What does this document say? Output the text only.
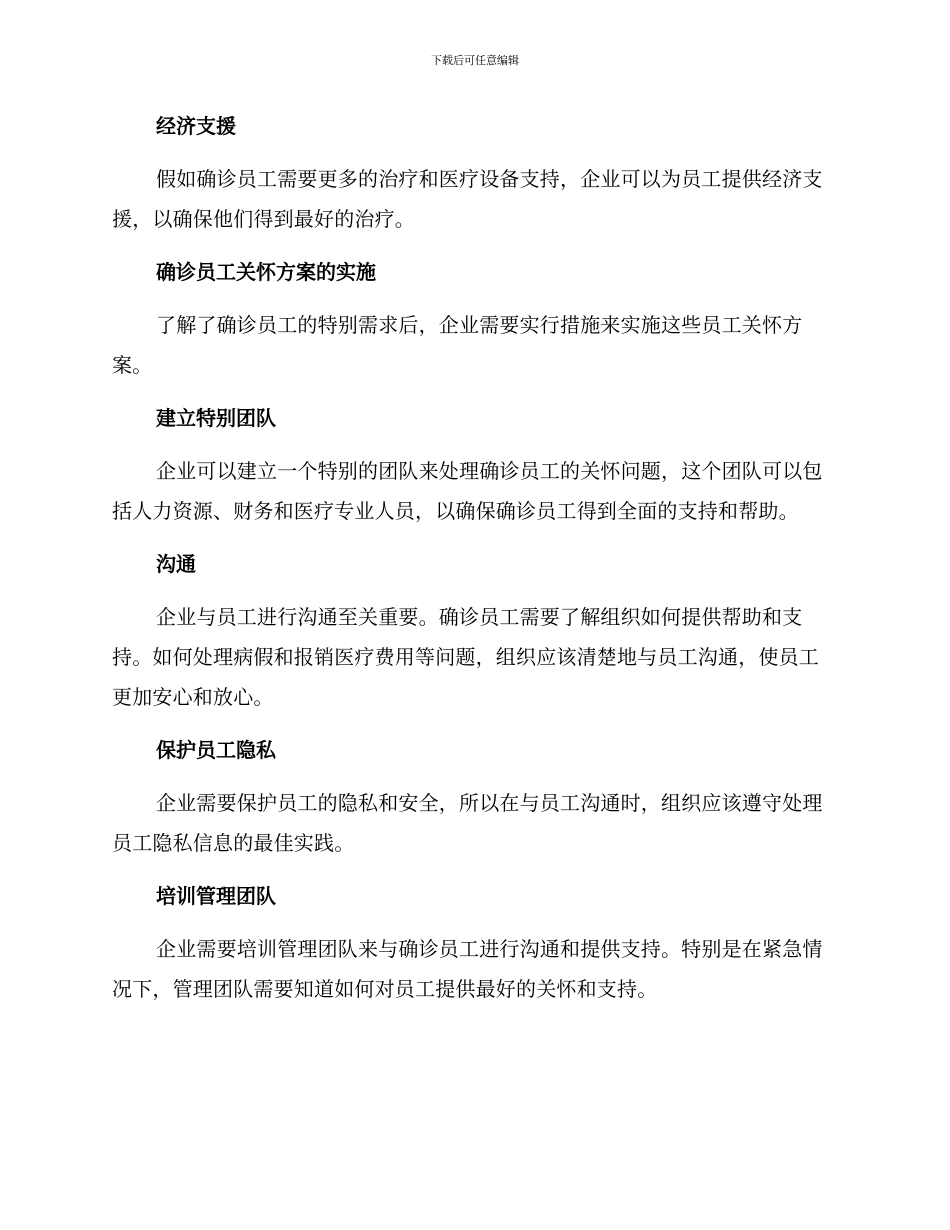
下载后可任意编辑
经济支援

假如确诊员工需要更多的治疗和医疗设备支持，企业可以为员工提供经济支援，以确保他们得到最好的治疗。

确诊员工关怀方案的实施

了解了确诊员工的特别需求后，企业需要实行措施来实施这些员工关怀方案。

建立特别团队

企业可以建立一个特别的团队来处理确诊员工的关怀问题，这个团队可以包括人力资源、财务和医疗专业人员，以确保确诊员工得到全面的支持和帮助。

沟通

企业与员工进行沟通至关重要。确诊员工需要了解组织如何提供帮助和支持。如何处理病假和报销医疗费用等问题，组织应该清楚地与员工沟通，使员工更加安心和放心。

保护员工隐私

企业需要保护员工的隐私和安全，所以在与员工沟通时，组织应该遵守处理员工隐私信息的最佳实践。

培训管理团队

企业需要培训管理团队来与确诊员工进行沟通和提供支持。特别是在紧急情况下，管理团队需要知道如何对员工提供最好的关怀和支持。
